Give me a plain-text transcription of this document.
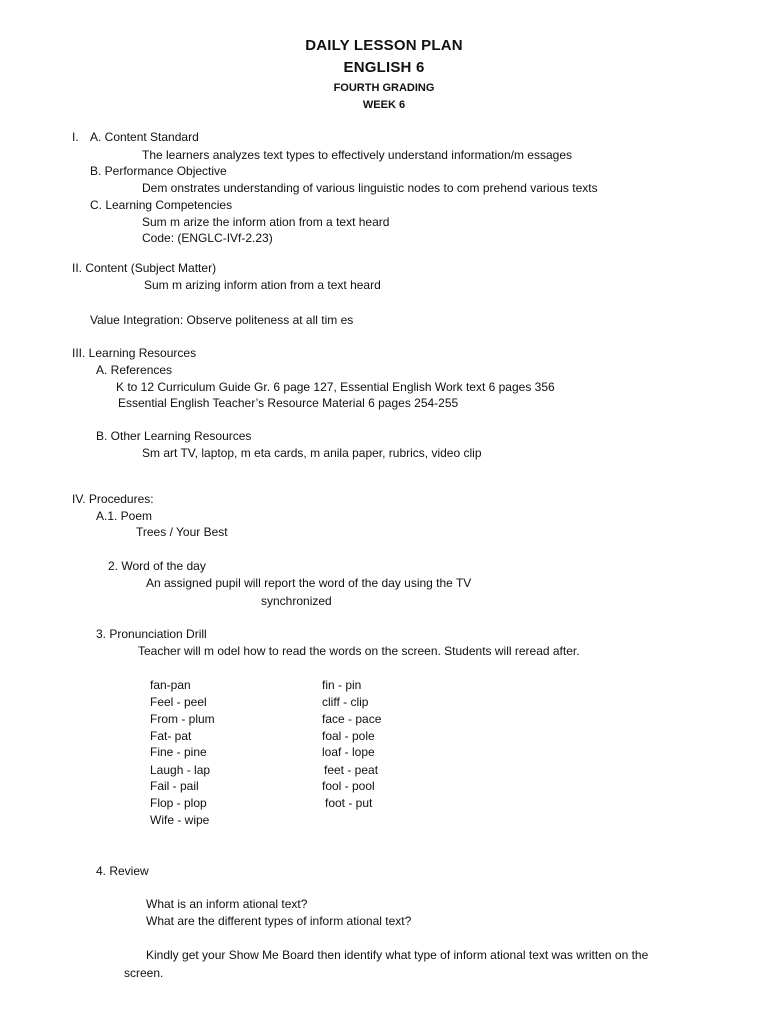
DAILY LESSON PLAN
ENGLISH 6
FOURTH GRADING
WEEK 6
I. A. Content Standard
The learners analyzes text types to effectively understand information/m essages
B. Performance Objective
Dem onstrates understanding of various linguistic nodes to com prehend various texts
C. Learning Competencies
Sum m arize the inform ation from a text heard
Code: (ENGLC-IVf-2.23)
II. Content (Subject Matter)
Sum m arizing inform ation from a text heard
Value Integration: Observe politeness at all tim es
III. Learning Resources
A. References
K to 12 Curriculum Guide Gr. 6 page 127, Essential English Work text 6 pages 356
Essential English Teacher’s Resource Material 6 pages 254-255
B. Other Learning Resources
Sm art TV, laptop, m eta cards, m anila paper, rubrics, video clip
IV. Procedures:
A.1. Poem
Trees / Your Best
2. Word of the day
An assigned pupil will report the word of the day using the TV
synchronized
3. Pronunciation Drill
Teacher will m odel how to read the words on the screen. Students will reread after.
fan-pan
Feel - peel
From - plum
Fat- pat
Fine - pine
Laugh - lap
Fail - pail
Flop - plop
Wife - wipe
fin - pin
cliff - clip
face - pace
foal - pole
loaf - lope
feet - peat
fool - pool
foot - put
4. Review
What is an inform ational text?
What are the different types of inform ational text?
Kindly get your Show Me Board then identify what type of inform ational text was written on the
screen.
